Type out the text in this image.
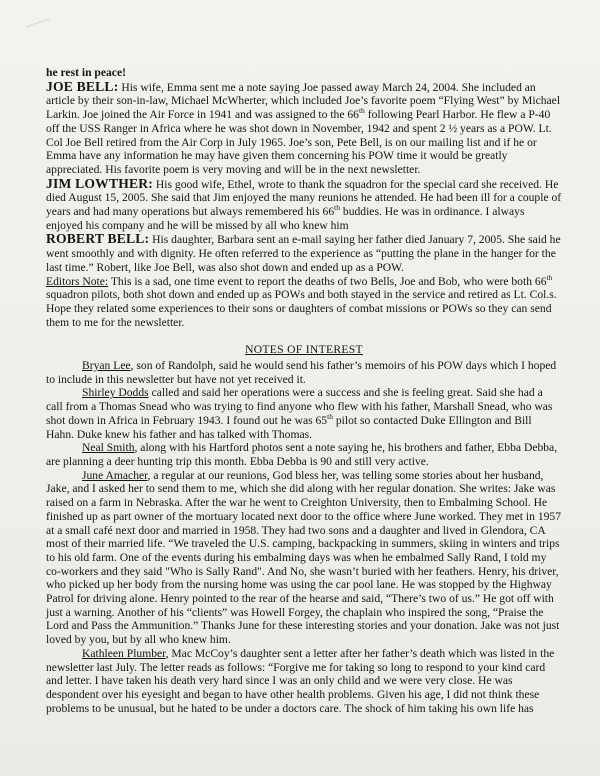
he rest in peace!

JOE BELL: His wife, Emma sent me a note saying Joe passed away March 24, 2004. She included an article by their son-in-law, Michael McWherter, which included Joe’s favorite poem “Flying West” by Michael Larkin. Joe joined the Air Force in 1941 and was assigned to the 66th following Pearl Harbor. He flew a P-40 off the USS Ranger in Africa where he was shot down in November, 1942 and spent 2 ½ years as a POW. Lt. Col Joe Bell retired from the Air Corp in July 1965. Joe’s son, Pete Bell, is on our mailing list and if he or Emma have any information he may have given them concerning his POW time it would be greatly appreciated. His favorite poem is very moving and will be in the next newsletter.

JIM LOWTHER: His good wife, Ethel, wrote to thank the squadron for the special card she received. He died August 15, 2005. She said that Jim enjoyed the many reunions he attended. He had been ill for a couple of years and had many operations but always remembered his 66th buddies. He was in ordinance. I always enjoyed his company and he will be missed by all who knew him

ROBERT BELL: His daughter, Barbara sent an e-mail saying her father died January 7, 2005. She said he went smoothly and with dignity. He often referred to the experience as “putting the plane in the hanger for the last time.” Robert, like Joe Bell, was also shot down and ended up as a POW.

Editors Note: This is a sad, one time event to report the deaths of two Bells, Joe and Bob, who were both 66th squadron pilots, both shot down and ended up as POWs and both stayed in the service and retired as Lt. Col.s. Hope they related some experiences to their sons or daughters of combat missions or POWs so they can send them to me for the newsletter.

NOTES OF INTEREST

Bryan Lee, son of Randolph, said he would send his father’s memoirs of his POW days which I hoped to include in this newsletter but have not yet received it.

Shirley Dodds called and said her operations were a success and she is feeling great. Said she had a call from a Thomas Snead who was trying to find anyone who flew with his father, Marshall Snead, who was shot down in Africa in February 1943. I found out he was 65th pilot so contacted Duke Ellington and Bill Hahn. Duke knew his father and has talked with Thomas.

Neal Smith, along with his Hartford photos sent a note saying he, his brothers and father, Ebba Debba, are planning a deer hunting trip this month. Ebba Debba is 90 and still very active.

June Amacher, a regular at our reunions, God bless her, was telling some stories about her husband, Jake, and I asked her to send them to me, which she did along with her regular donation. She writes: Jake was raised on a farm in Nebraska. After the war he went to Creighton University, then to Embalming School. He finished up as part owner of the mortuary located next door to the office where June worked. They met in 1957 at a small café next door and married in 1958. They had two sons and a daughter and lived in Glendora, CA most of their married life. “We traveled the U.S. camping, backpacking in summers, skiing in winters and trips to his old farm. One of the events during his embalming days was when he embalmed Sally Rand, I told my co-workers and they said "Who is Sally Rand". And No, she wasn’t buried with her feathers. Henry, his driver, who picked up her body from the nursing home was using the car pool lane. He was stopped by the Highway Patrol for driving alone. Henry pointed to the rear of the hearse and said, “There’s two of us.” He got off with just a warning. Another of his “clients” was Howell Forgey, the chaplain who inspired the song, “Praise the Lord and Pass the Ammunition.” Thanks June for these interesting stories and your donation. Jake was not just loved by you, but by all who knew him.

Kathleen Plumber, Mac McCoy’s daughter sent a letter after her father’s death which was listed in the newsletter last July. The letter reads as follows: “Forgive me for taking so long to respond to your kind card and letter. I have taken his death very hard since I was an only child and we were very close. He was despondent over his eyesight and began to have other health problems. Given his age, I did not think these problems to be unusual, but he hated to be under a doctors care. The shock of him taking his own life has
